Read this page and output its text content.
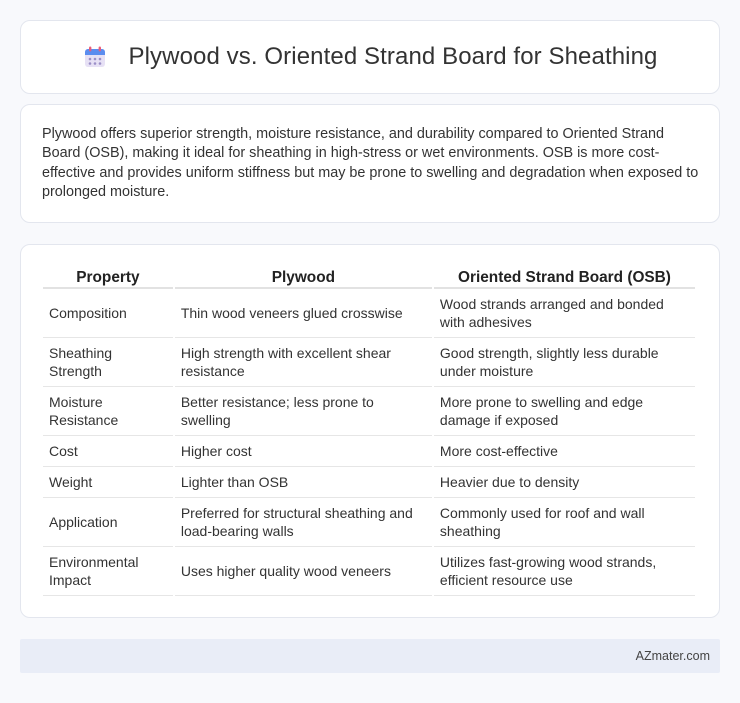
Plywood vs. Oriented Strand Board for Sheathing

Plywood offers superior strength, moisture resistance, and durability compared to Oriented Strand Board (OSB), making it ideal for sheathing in high-stress or wet environments. OSB is more cost-effective and provides uniform stiffness but may be prone to swelling and degradation when exposed to prolonged moisture.

Property	Plywood	Oriented Strand Board (OSB)
Composition	Thin wood veneers glued crosswise	Wood strands arranged and bonded with adhesives
Sheathing Strength	High strength with excellent shear resistance	Good strength, slightly less durable under moisture
Moisture Resistance	Better resistance; less prone to swelling	More prone to swelling and edge damage if exposed
Cost	Higher cost	More cost-effective
Weight	Lighter than OSB	Heavier due to density
Application	Preferred for structural sheathing and load-bearing walls	Commonly used for roof and wall sheathing
Environmental Impact	Uses higher quality wood veneers	Utilizes fast-growing wood strands, efficient resource use
AZmater.com
